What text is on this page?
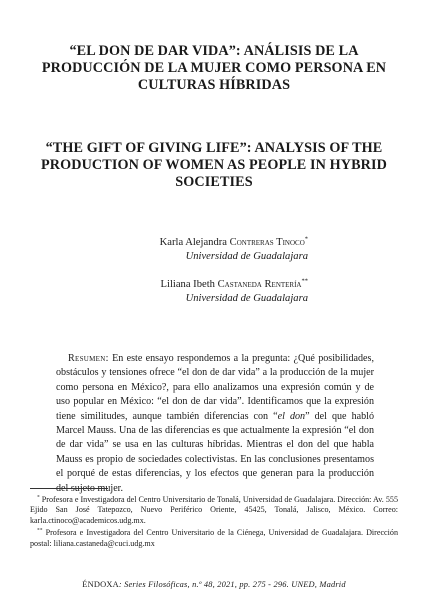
“EL DON DE DAR VIDA”: ANÁLISIS DE LA PRODUCCIÓN DE LA MUJER COMO PERSONA EN CULTURAS HÍBRIDAS
“THE GIFT OF GIVING LIFE”: ANALYSIS OF THE PRODUCTION OF WOMEN AS PEOPLE IN HYBRID SOCIETIES
Karla Alejandra Contreras Tinoco*
Universidad de Guadalajara
Liliana Ibeth Castaneda Rentería**
Universidad de Guadalajara

Resumen: En este ensayo respondemos a la pregunta: ¿Qué posibilidades, obstáculos y tensiones ofrece “el don de dar vida” a la producción de la mujer como persona en México?, para ello analizamos una expresión común y de uso popular en México: “el don de dar vida”. Identificamos que la expresión tiene similitudes, aunque también diferencias con “el don” del que habló Marcel Mauss. Una de las diferencias es que actualmente la expresión “el don de dar vida” se usa en las culturas híbridas. Mientras el don del que habla Mauss es propio de sociedades colectivistas. En las conclusiones presentamos el porqué de estas diferencias, y los efectos que generan para la producción del sujeto mujer.

* Profesora e Investigadora del Centro Universitario de Tonalá, Universidad de Guadalajara. Dirección: Av. 555 Ejido San José Tatepozco, Nuevo Periférico Oriente, 45425, Tonalá, Jalisco, México. Correo: karla.ctinoco@academicos.udg.mx.

** Profesora e Investigadora del Centro Universitario de la Ciénega, Universidad de Guadalajara. Dirección postal: liliana.castaneda@cuci.udg.mx

ÉNDOXA: Series Filosóficas, n.º 48, 2021, pp. 275 - 296. UNED, Madrid
